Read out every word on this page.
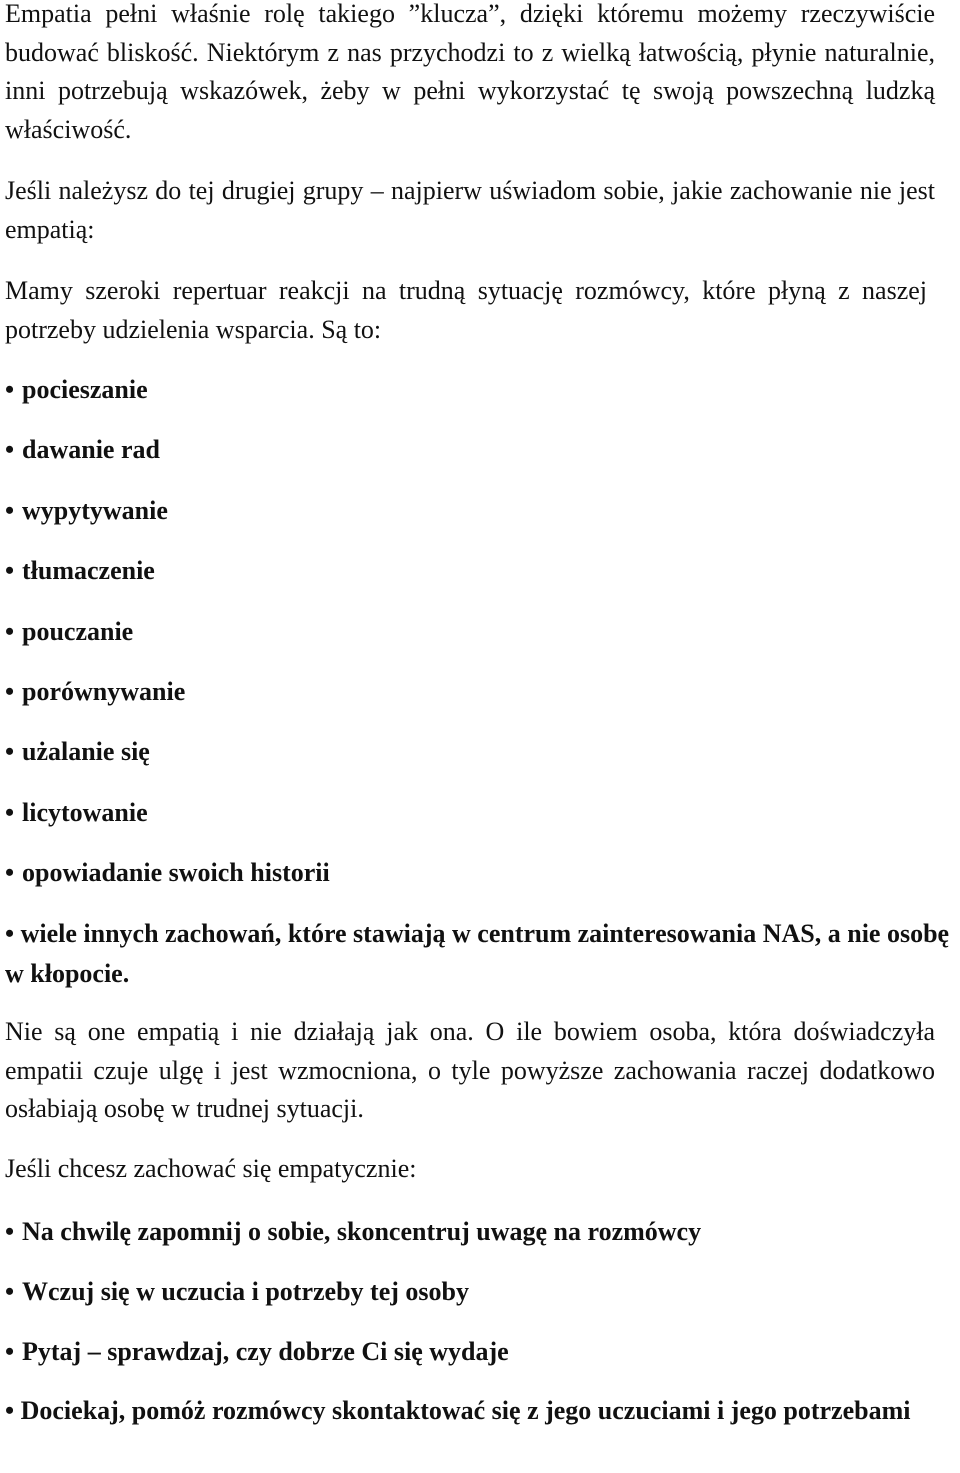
Empatia pełni właśnie rolę takiego ”klucza”, dzięki któremu możemy rzeczywiście budować bliskość. Niektórym z nas przychodzi to z wielką łatwością, płynie naturalnie, inni potrzebują wskazówek, żeby w pełni wykorzystać tę swoją powszechną ludzką właściwość.

Jeśli należysz do tej drugiej grupy – najpierw uświadom sobie, jakie zachowanie nie jest empatią:

Mamy szeroki repertuar reakcji na trudną sytuację rozmówcy, które płyną z naszej potrzeby udzielenia wsparcia. Są to:

• pocieszanie
• dawanie rad
• wypytywanie
• tłumaczenie
• pouczanie
• porównywanie
• użalanie się
• licytowanie
• opowiadanie swoich historii
• wiele innych zachowań, które stawiają w centrum zainteresowania NAS, a nie osobę w kłopocie.

Nie są one empatią i nie działają jak ona. O ile bowiem osoba, która doświadczyła empatii czuje ulgę i jest wzmocniona, o tyle powyższe zachowania raczej dodatkowo osłabiają osobę w trudnej sytuacji.

Jeśli chcesz zachować się empatycznie:

• Na chwilę zapomnij o sobie, skoncentruj uwagę na rozmówcy
• Wczuj się w uczucia i potrzeby tej osoby
• Pytaj – sprawdzaj, czy dobrze Ci się wydaje
• Dociekaj, pomóż rozmówcy skontaktować się z jego uczuciami i jego potrzebami
